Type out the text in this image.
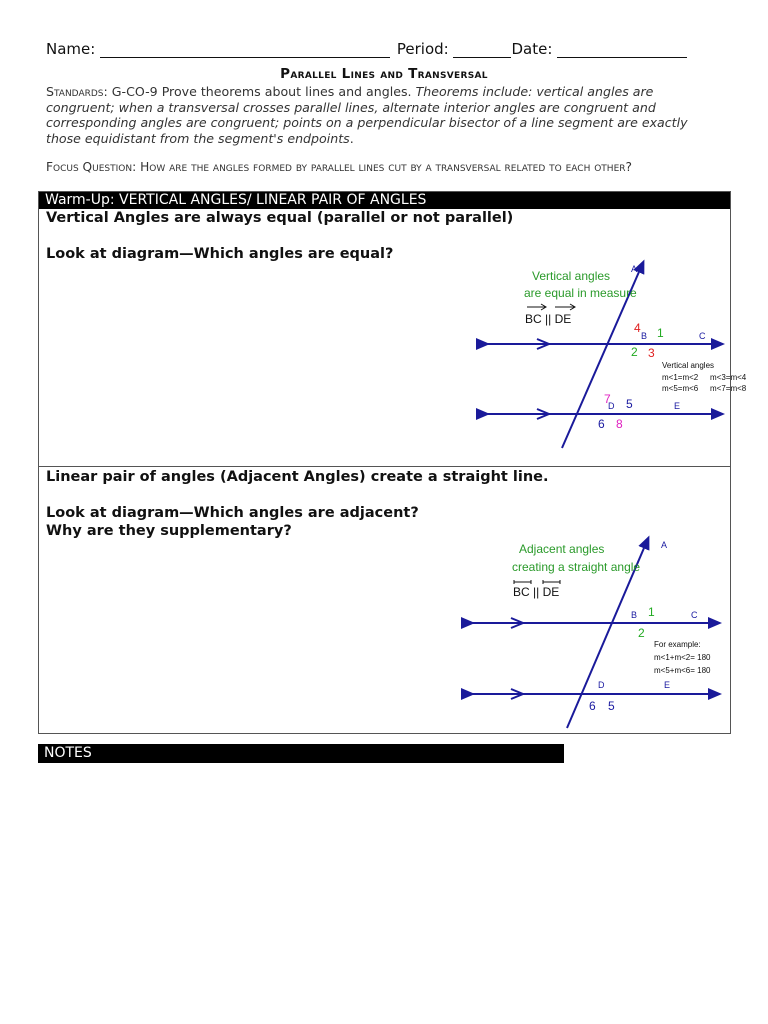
Name:	Period:	Date:
Parallel Lines and Transversal
Standards: G-CO-9 Prove theorems about lines and angles. Theorems include: vertical angles are congruent; when a transversal crosses parallel lines, alternate interior angles are congruent and corresponding angles are congruent; points on a perpendicular bisector of a line segment are exactly those equidistant from the segment's endpoints.
Focus Question: How are the angles formed by parallel lines cut by a transversal related to each other?
Warm-Up: VERTICAL ANGLES/ LINEAR PAIR OF ANGLES

Vertical Angles are always equal (parallel or not parallel)

Look at diagram—Which angles are equal?

Vertical angles
are equal in measure
BC || DE
A
B	C
D	E
4 1
2 3
7 5
6 8
Vertical angles
m<1=m<2 m<3=m<4
m<5=m<6 m<7=m<8

Linear pair of angles (Adjacent Angles) create a straight line.

Look at diagram—Which angles are adjacent?

Why are they supplementary?

Adjacent angles
creating a straight angle
BC || DE
A
B	C
D	E
1
2
6 5
For example:
m<1+m<2= 180
m<5+m<6= 180
NOTES
